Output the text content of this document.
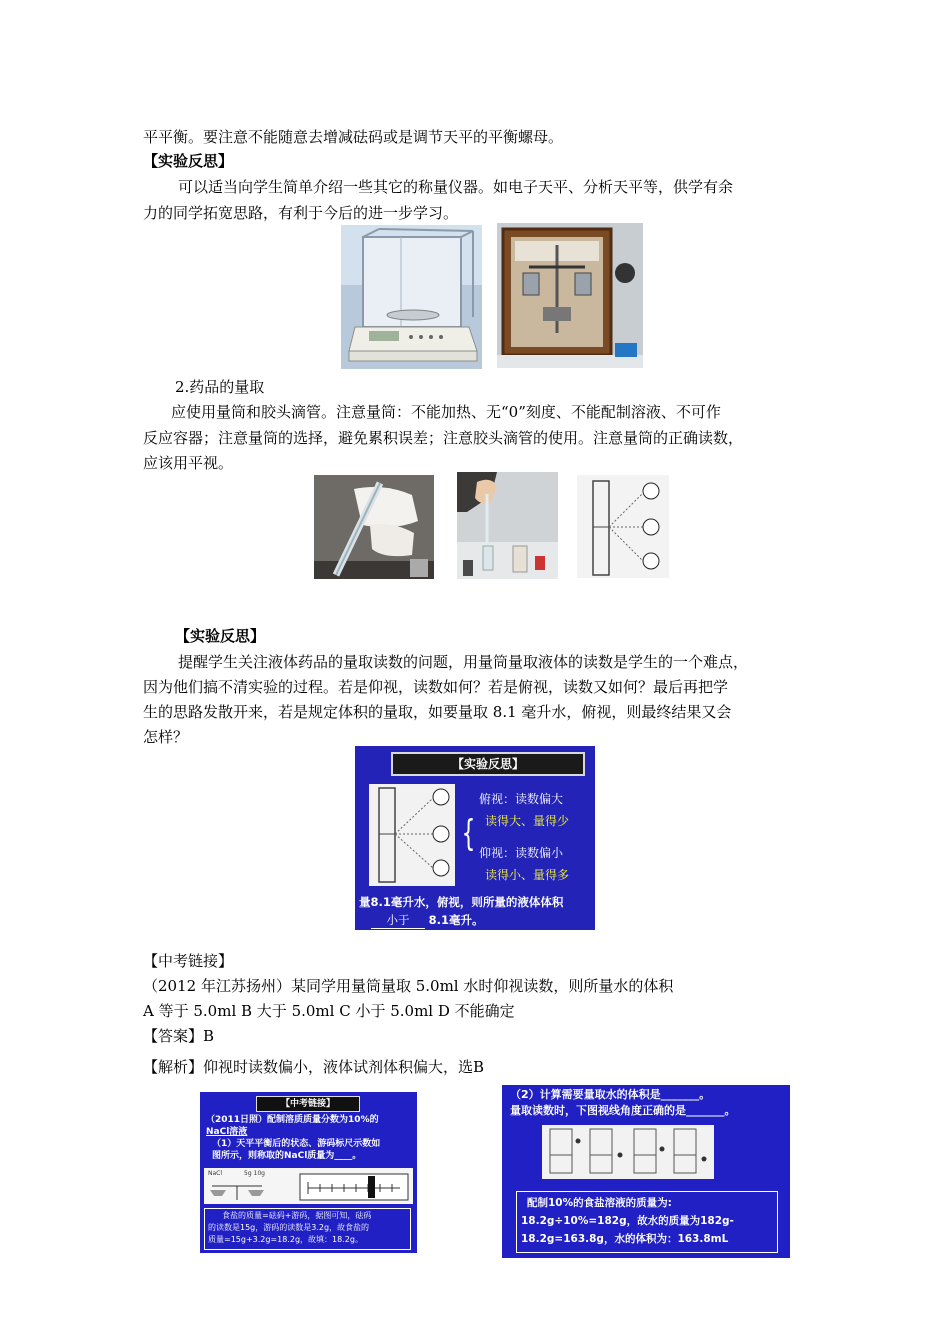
平平衡。要注意不能随意去增减砝码或是调节天平的平衡螺母。
【实验反思】
可以适当向学生简单介绍一些其它的称量仪器。如电子天平、分析天平等，供学有余
力的同学拓宽思路，有利于今后的进一步学习。
2.药品的量取
应使用量筒和胶头滴管。注意量筒：不能加热、无“0”刻度、不能配制溶液、不可作
反应容器；注意量筒的选择，避免累积误差；注意胶头滴管的使用。注意量筒的正确读数，
应该用平视。
【实验反思】
提醒学生关注液体药品的量取读数的问题，用量筒量取液体的读数是学生的一个难点，
因为他们搞不清实验的过程。若是仰视，读数如何？若是俯视，读数又如何？最后再把学
生的思路发散开来，若是规定体积的量取，如要量取 8.1 毫升水，俯视，则最终结果又会
怎样？
【实验反思】
{
俯视：读数偏大
读得大、量得少
仰视：读数偏小
读得小、量得多
量8.1毫升水，俯视，则所量的液体体积
小于 8.1毫升。
【中考链接】
（2012 年江苏扬州）某同学用量筒量取 5.0ml 水时仰视读数，则所量水的体积
A 等于 5.0ml B 大于 5.0ml C 小于 5.0ml D 不能确定
【答案】B
【解析】仰视时读数偏小，液体试剂体积偏大，选B
【中考链接】
（2011日照）配制溶质质量分数为10%的
NaCl溶液
（1）天平平衡后的状态、游码标尺示数如
图所示，则称取的NaCl质量为____。
NaCl	5g 10g
食盐的质量=砝码+游码，据图可知，砝码
的读数是15g，游码的读数是3.2g，故食盐的
质量=15g+3.2g=18.2g，故填：18.2g。
（2）计算需要量取水的体积是_______。
量取读数时，下图视线角度正确的是_______。
配制10%的食盐溶液的质量为:
18.2g÷10%=182g，故水的质量为182g-
18.2g=163.8g，水的体积为：163.8mL
